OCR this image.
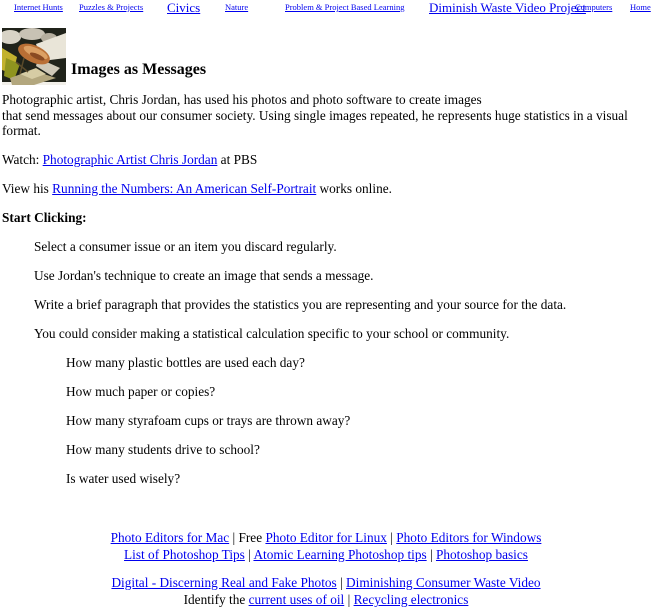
Internet Hunts Puzzles & Projects Civics	Nature	Problem & Project Based Learning Diminish Waste Video Project
Computers Home
Images as Messages
Photographic artist, Chris Jordan, has used his photos and photo software to create images
that send messages about our consumer society. Using single images repeated, he represents huge statistics in a visual format.
Watch: Photographic Artist Chris Jordan at PBS
View his Running the Numbers: An American Self-Portrait works online.
Start Clicking:
Select a consumer issue or an item you discard regularly.
Use Jordan's technique to create an image that sends a message.
Write a brief paragraph that provides the statistics you are representing and your source for the data.
You could consider making a statistical calculation specific to your school or community.
How many plastic bottles are used each day?
How much paper or copies?
How many styrafoam cups or trays are thrown away?
How many students drive to school?
Is water used wisely?
Photo Editors for Mac | Free Photo Editor for Linux | Photo Editors for Windows
List of Photoshop Tips | Atomic Learning Photoshop tips | Photoshop basics
Digital - Discerning Real and Fake Photos | Diminishing Consumer Waste Video
Identify the current uses of oil | Recycling electronics
